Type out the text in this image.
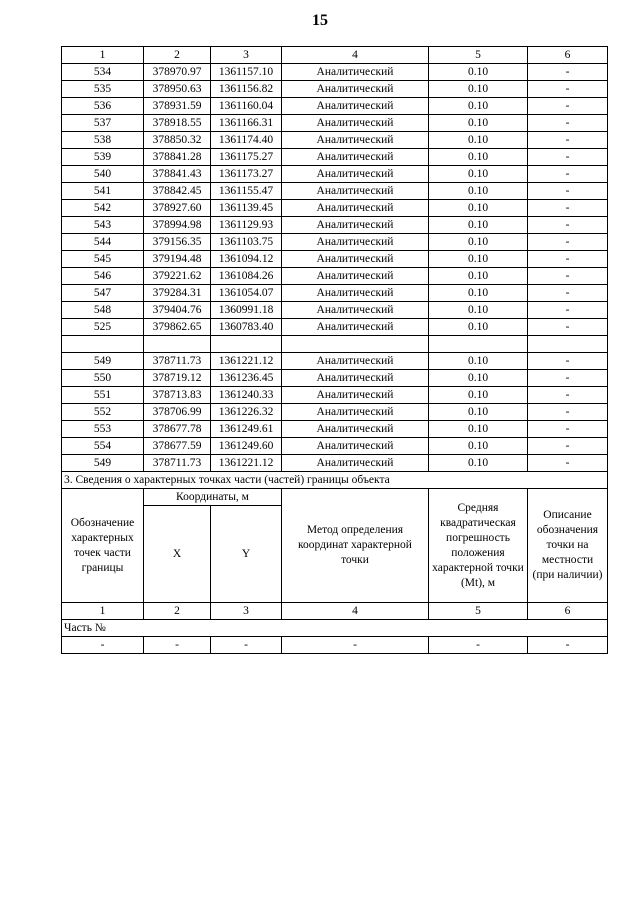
15
1	2	3	4	5	6
534	378970.97	1361157.10	Аналитический	0.10	-
535	378950.63	1361156.82	Аналитический	0.10	-
536	378931.59	1361160.04	Аналитический	0.10	-
537	378918.55	1361166.31	Аналитический	0.10	-
538	378850.32	1361174.40	Аналитический	0.10	-
539	378841.28	1361175.27	Аналитический	0.10	-
540	378841.43	1361173.27	Аналитический	0.10	-
541	378842.45	1361155.47	Аналитический	0.10	-
542	378927.60	1361139.45	Аналитический	0.10	-
543	378994.98	1361129.93	Аналитический	0.10	-
544	379156.35	1361103.75	Аналитический	0.10	-
545	379194.48	1361094.12	Аналитический	0.10	-
546	379221.62	1361084.26	Аналитический	0.10	-
547	379284.31	1361054.07	Аналитический	0.10	-
548	379404.76	1360991.18	Аналитический	0.10	-
525	379862.65	1360783.40	Аналитический	0.10	-

549	378711.73	1361221.12	Аналитический	0.10	-
550	378719.12	1361236.45	Аналитический	0.10	-
551	378713.83	1361240.33	Аналитический	0.10	-
552	378706.99	1361226.32	Аналитический	0.10	-
553	378677.78	1361249.61	Аналитический	0.10	-
554	378677.59	1361249.60	Аналитический	0.10	-
549	378711.73	1361221.12	Аналитический	0.10	-
3. Сведения о характерных точках части (частей) границы объекта					
Обозначение характерных точек части границы	Координаты, м		Метод определения координат характерной точки	Средняя квадратическая погрешность положения характерной точки (Mt), м	Описание обозначения точки на местности (при наличии)
	X	Y			
1	2	3	4	5	6
Часть №					
-	-	-	-	-	-
